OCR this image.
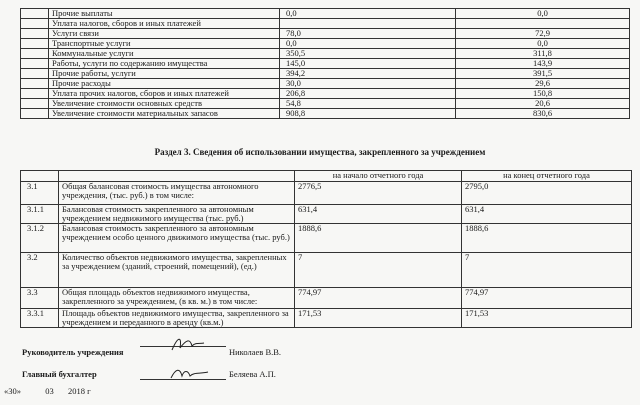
	Прочие выплаты	0,0	0,0
	Уплата налогов, сборов и иных платежей		
	Услуги связи	78,0	72,9
	Транспортные услуги	0,0	0,0
	Коммунальные услуги	350,5	311,8
	Работы, услуги по содержанию имущества	145,0	143,9
	Прочие работы, услуги	394,2	391,5
	Прочие расходы	30,0	29,6
	Уплата прочих налогов, сборов и иных платежей	206,8	150,8
	Увеличение стоимости основных средств	54,8	20,6
	Увеличение стоимости материальных запасов	908,8	830,6
Раздел 3. Сведения об использовании имущества, закрепленного за учреждением
		на начало отчетного года	на конец отчетного года
3.1	Общая балансовая стоимость имущества автономного учреждения, (тыс. руб.) в том числе:	2776,5	2795,0
3.1.1	Балансовая стоимость закрепленного за автономным учреждением недвижимого имущества (тыс. руб.)	631,4	631,4
3.1.2	Балансовая стоимость закрепленного за автономным учреждением особо ценного движимого имущества (тыс. руб.)	1888,6	1888,6
3.2	Количество объектов недвижимого имущества, закрепленных за учреждением (зданий, строений, помещений), (ед.)	7	7
3.3	Общая площадь объектов недвижимого имущества, закрепленного за учреждением, (в кв. м.) в том числе:	774,97	774,97
3.3.1	Площадь объектов недвижимого имущества, закрепленного за учреждением и переданного в аренду (кв.м.)	171,53	171,53
Руководитель учреждения	Николаев В.В.
Главный бухгалтер	Беляева А.П.
«30»	03 2018 г
